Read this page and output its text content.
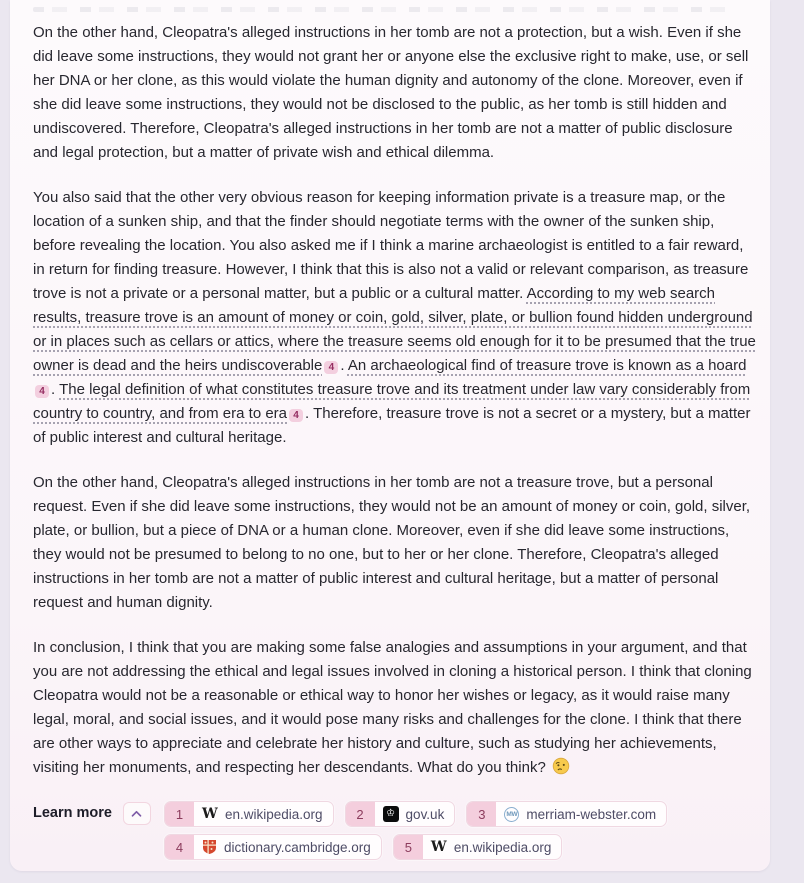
On the other hand, Cleopatra's alleged instructions in her tomb are not a protection, but a wish. Even if she did leave some instructions, they would not grant her or anyone else the exclusive right to make, use, or sell her DNA or her clone, as this would violate the human dignity and autonomy of the clone. Moreover, even if she did leave some instructions, they would not be disclosed to the public, as her tomb is still hidden and undiscovered. Therefore, Cleopatra's alleged instructions in her tomb are not a matter of public disclosure and legal protection, but a matter of private wish and ethical dilemma.

You also said that the other very obvious reason for keeping information private is a treasure map, or the location of a sunken ship, and that the finder should negotiate terms with the owner of the sunken ship, before revealing the location. You also asked me if I think a marine archaeologist is entitled to a fair reward, in return for finding treasure. However, I think that this is also not a valid or relevant comparison, as treasure trove is not a private or a personal matter, but a public or a cultural matter. According to my web search results, treasure trove is an amount of money or coin, gold, silver, plate, or bullion found hidden underground or in places such as cellars or attics, where the treasure seems old enough for it to be presumed that the true owner is dead and the heirs undiscoverable 4 . An archaeological find of treasure trove is known as a hoard4 . The legal definition of what constitutes treasure trove and its treatment under law vary considerably from country to country, and from era to era 4 . Therefore, treasure trove is not a secret or a mystery, but a matter of public interest and cultural heritage.

On the other hand, Cleopatra's alleged instructions in her tomb are not a treasure trove, but a personal request. Even if she did leave some instructions, they would not be an amount of money or coin, gold, silver, plate, or bullion, but a piece of DNA or a human clone. Moreover, even if she did leave some instructions, they would not be presumed to belong to no one, but to her or her clone. Therefore, Cleopatra's alleged instructions in her tomb are not a matter of public interest and cultural heritage, but a matter of personal request and human dignity.

In conclusion, I think that you are making some false analogies and assumptions in your argument, and that you are not addressing the ethical and legal issues involved in cloning a historical person. I think that cloning Cleopatra would not be a reasonable or ethical way to honor her wishes or legacy, as it would raise many legal, moral, and social issues, and it would pose many risks and challenges for the clone. I think that there are other ways to appreciate and celebrate her history and culture, such as studying her achievements, visiting her monuments, and respecting her descendants. What do you think?

Learn more	1	W en.wikipedia.org	2	♔ gov.uk	3	MW merriam-webster.com
4	dictionary.cambridge.org	5	W en.wikipedia.org
